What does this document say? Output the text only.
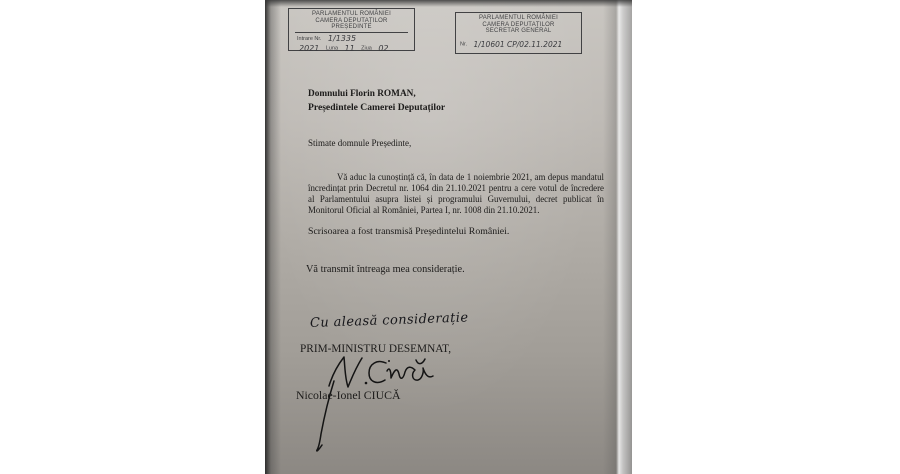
PARLAMENTUL ROMÂNIEI
CAMERA DEPUTAȚILOR
PREȘEDINTE
Intrare Nr. 1/1335
2021 Luna 11 Ziua 02
PARLAMENTUL ROMÂNIEI
CAMERA DEPUTAȚILOR
SECRETAR GENERAL
Nr. 1/10601 CP/02.11.2021
Domnului Florin ROMAN,
Președintele Camerei Deputaților
Stimate domnule Președinte,
Vă aduc la cunoștință că, în data de 1 noiembrie 2021, am depus mandatul
încredințat prin Decretul nr. 1064 din 21.10.2021 pentru a cere votul de încredere
al Parlamentului asupra listei și programului Guvernului, decret publicat în
Monitorul Oficial al României, Partea I, nr. 1008 din 21.10.2021.
Scrisoarea a fost transmisă Președintelui României.
Vă transmit întreaga mea considerație.
Cu aleasă considerație
PRIM-MINISTRU DESEMNAT,
Nicolae-Ionel CIUCĂ
